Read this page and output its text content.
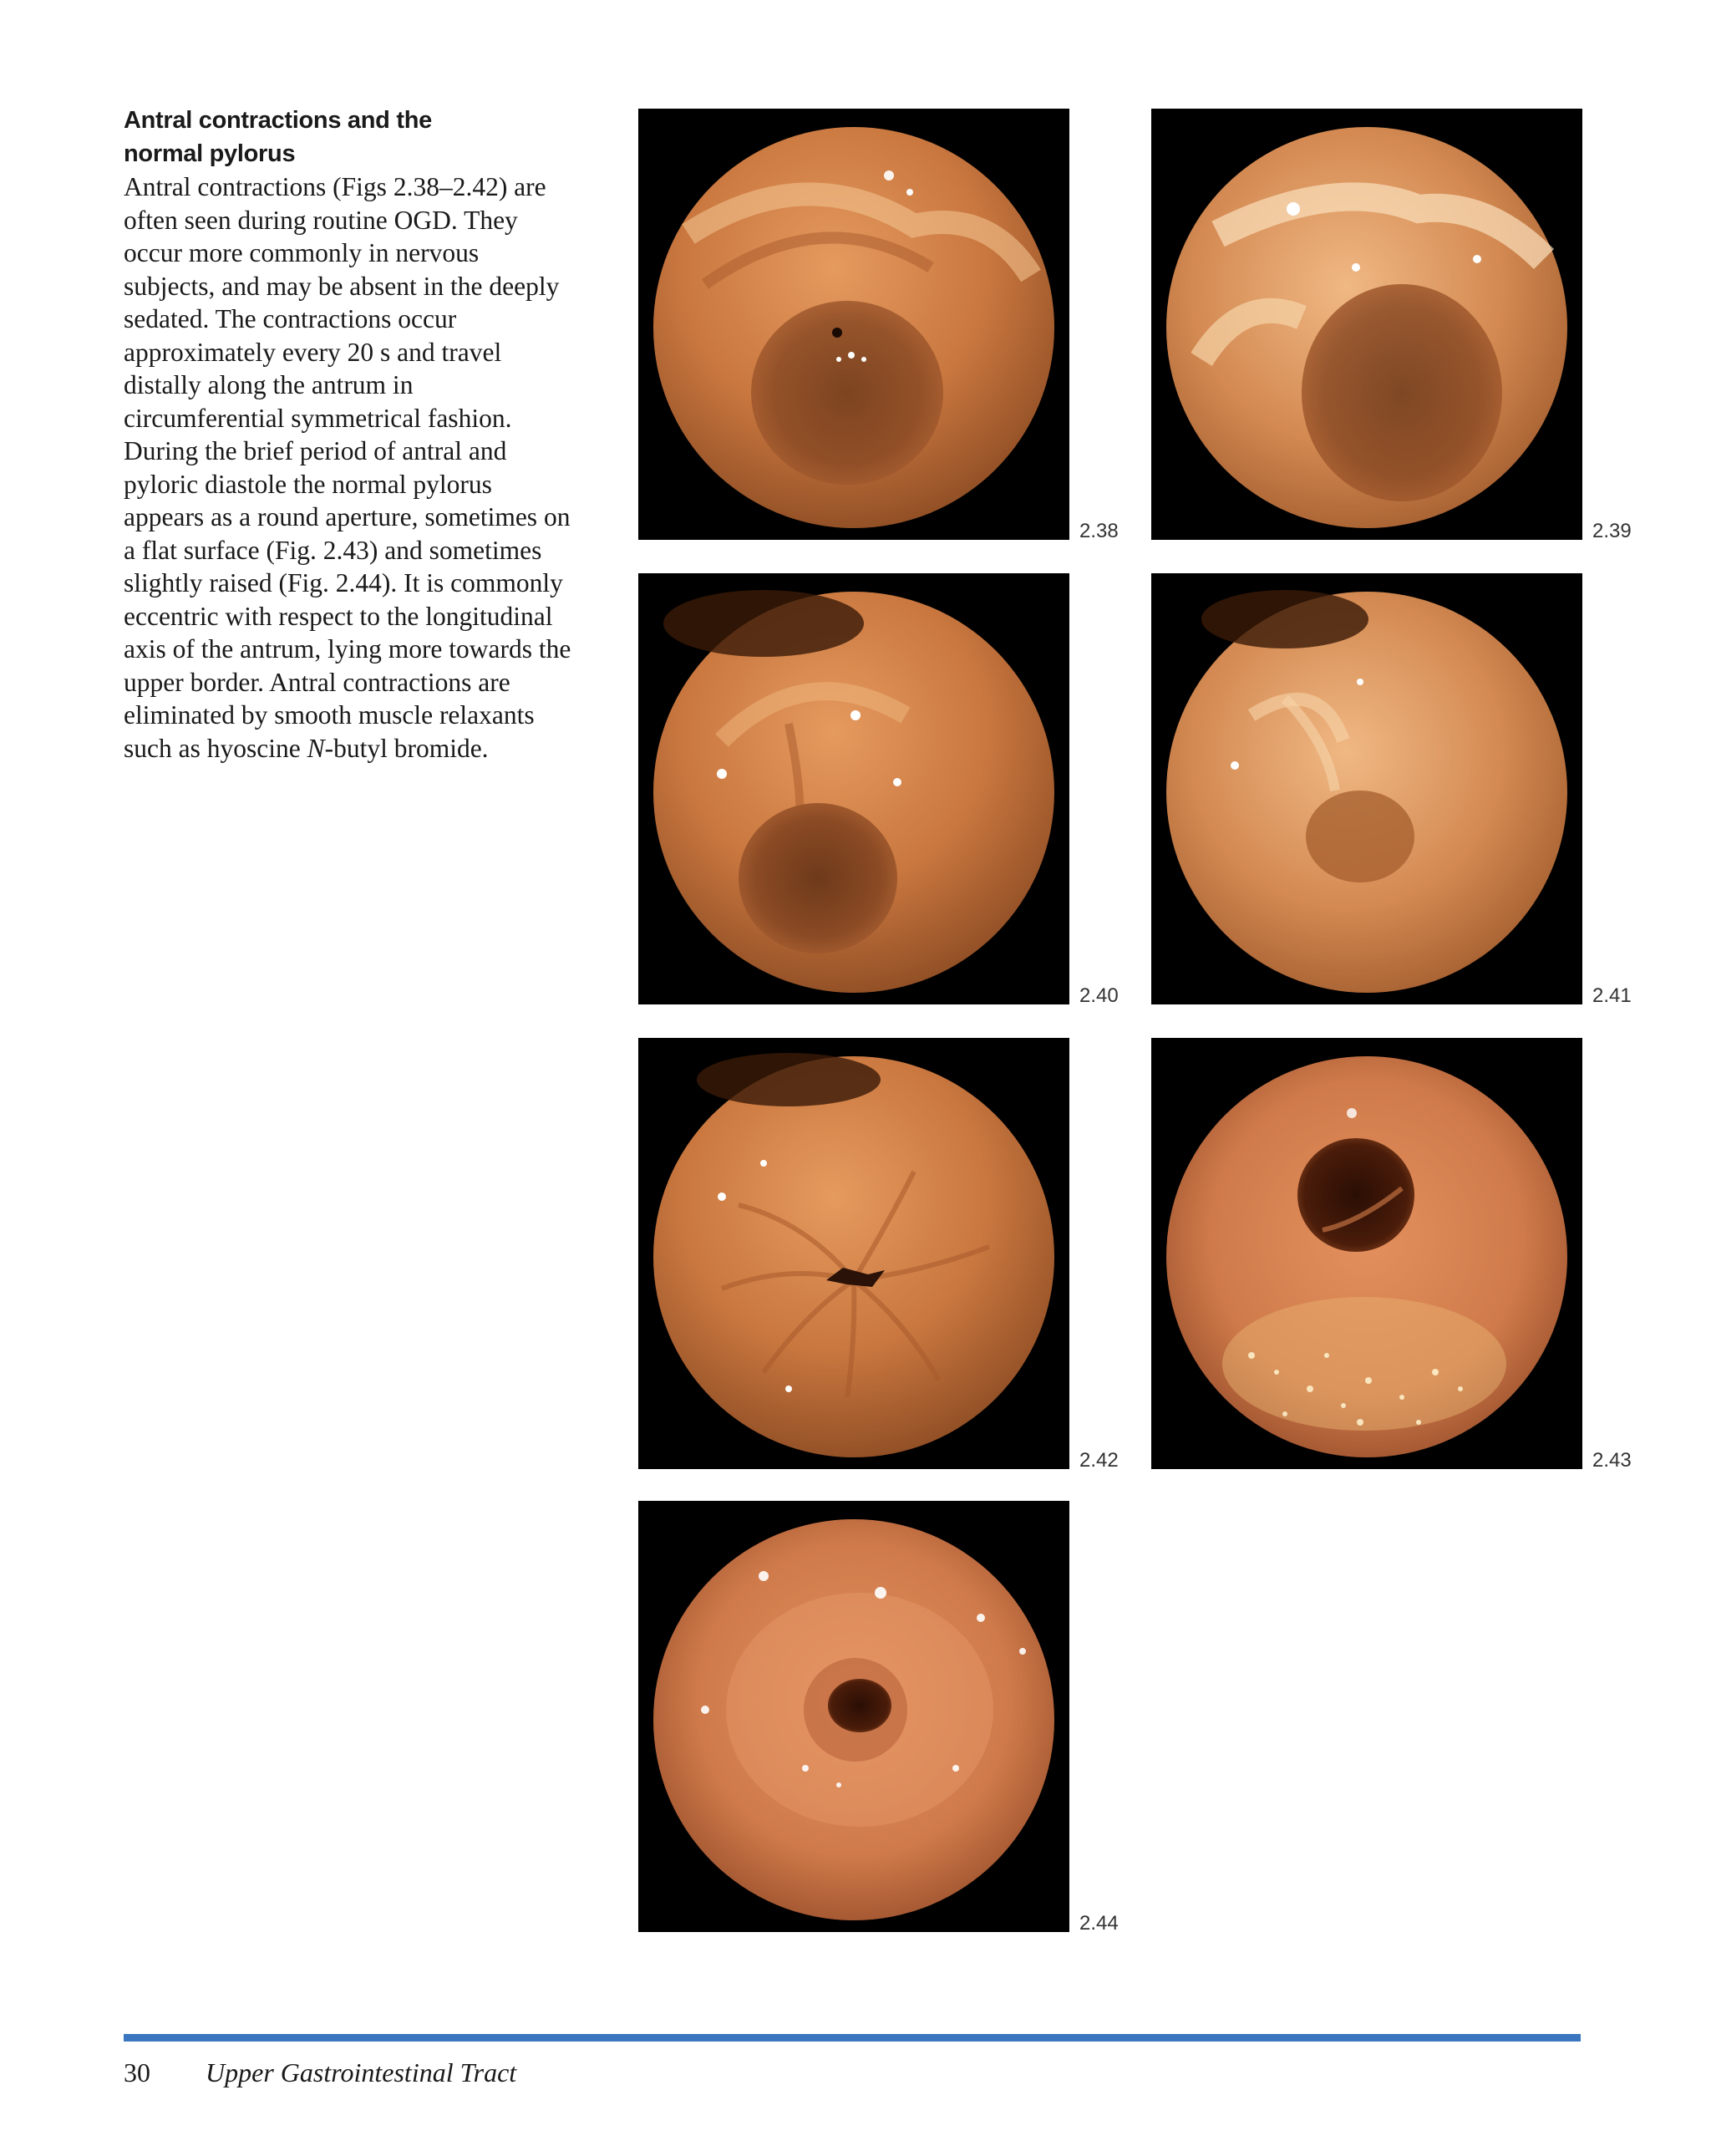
Antral contractions and the
normal pylorus

Antral contractions (Figs 2.38–2.42) are often seen during routine OGD. They occur more commonly in nervous subjects, and may be absent in the deeply sedated. The contractions occur approximately every 20 s and travel distally along the antrum in circumferential symmetrical fashion. During the brief period of antral and pyloric diastole the normal pylorus appears as a round aperture, sometimes on a flat surface (Fig. 2.43) and sometimes slightly raised (Fig. 2.44). It is commonly eccentric with respect to the longitudinal axis of the antrum, lying more towards the upper border. Antral contractions are eliminated by smooth muscle relaxants such as hyoscine N-butyl bromide.

2.38	2.39
2.40	2.41
2.42	2.43
2.44
30 Upper Gastrointestinal Tract
